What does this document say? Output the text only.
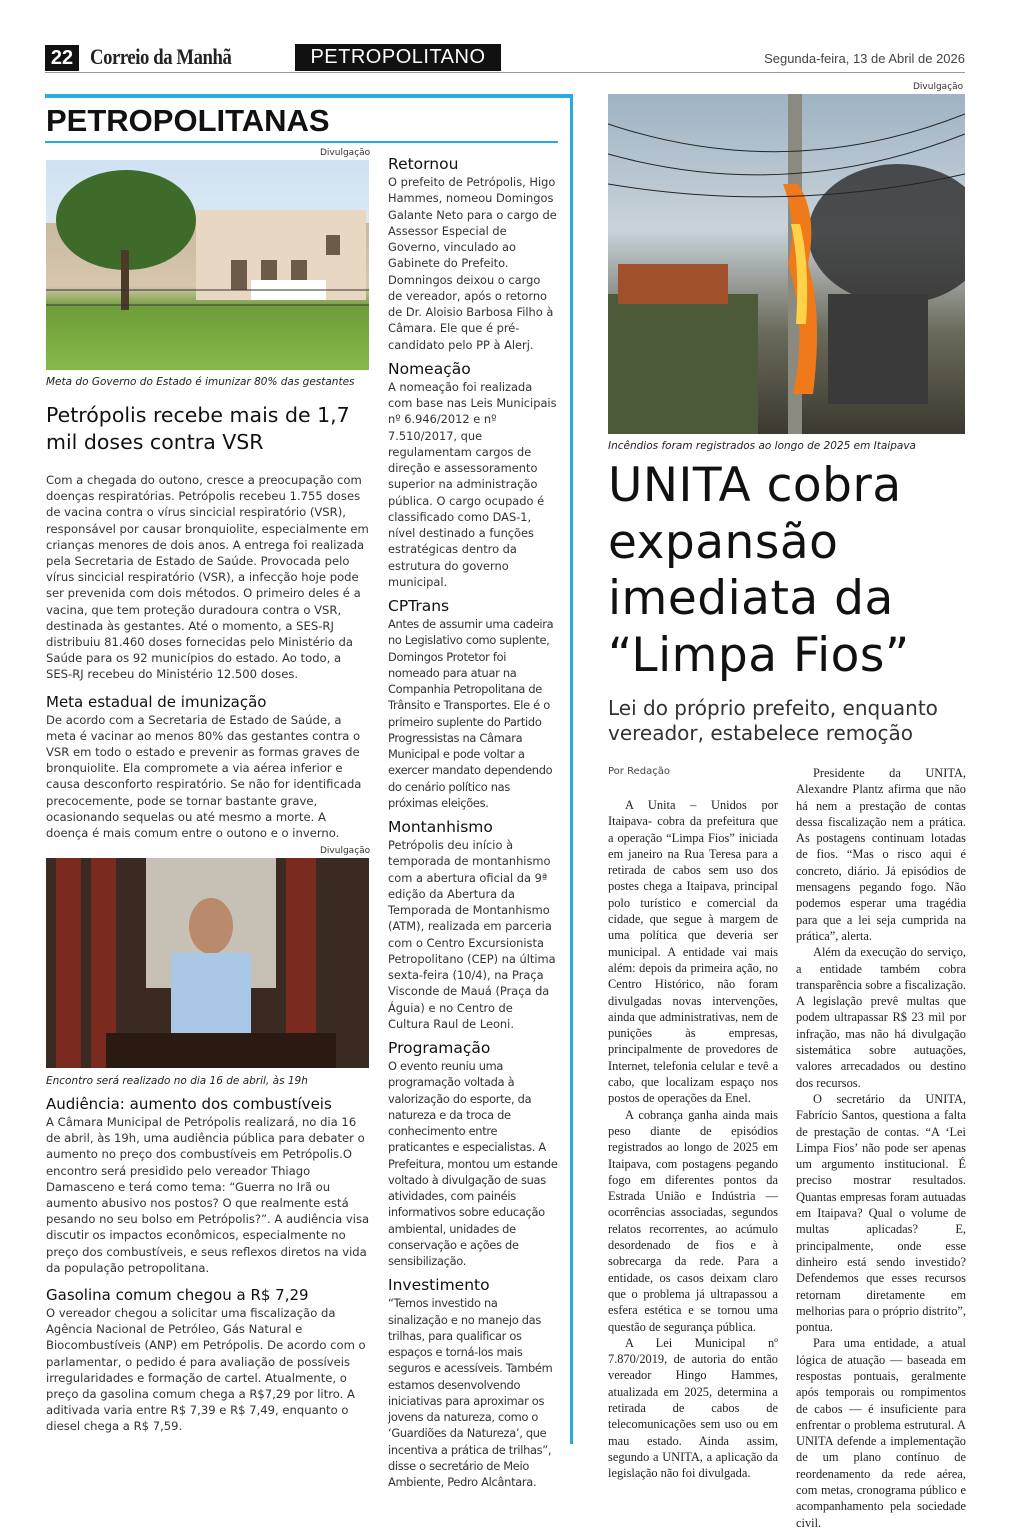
22 Correio da Manhã	PETROPOLITANO	Segunda-feira, 13 de Abril de 2026
PETROPOLITANAS
Divulgação
Meta do Governo do Estado é imunizar 80% das gestantes
Petrópolis recebe mais de 1,7 mil doses contra VSR

Com a chegada do outono, cresce a preocupação com doenças respiratórias. Petrópolis recebeu 1.755 doses de vacina contra o vírus sincicial respiratório (VSR), responsável por causar bronquiolite, especialmente em crianças menores de dois anos. A entrega foi realizada pela Secretaria de Estado de Saúde. Provocada pelo vírus sincicial respiratório (VSR), a infecção hoje pode ser prevenida com dois métodos. O primeiro deles é a vacina, que tem proteção duradoura contra o VSR, destinada às gestantes. Até o momento, a SES-RJ distribuiu 81.460 doses fornecidas pelo Ministério da Saúde para os 92 municípios do estado. Ao todo, a SES-RJ recebeu do Ministério 12.500 doses.

Meta estadual de imunização

De acordo com a Secretaria de Estado de Saúde, a meta é vacinar ao menos 80% das gestantes contra o VSR em todo o estado e prevenir as formas graves de bronquiolite. Ela compromete a via aérea inferior e causa desconforto respiratório. Se não for identificada precocemente, pode se tornar bastante grave, ocasionando sequelas ou até mesmo a morte. A doença é mais comum entre o outono e o inverno.

Divulgação
Encontro será realizado no dia 16 de abril, às 19h
Audiência: aumento dos combustíveis

A Câmara Municipal de Petrópolis realizará, no dia 16 de abril, às 19h, uma audiência pública para debater o aumento no preço dos combustíveis em Petrópolis.O encontro será presidido pelo vereador Thiago Damasceno e terá como tema: “Guerra no Irã ou aumento abusivo nos postos? O que realmente está pesando no seu bolso em Petrópolis?”. A audiência visa discutir os impactos econômicos, especialmente no preço dos combustíveis, e seus reflexos diretos na vida da população petropolitana.

Gasolina comum chegou a R$ 7,29

O vereador chegou a solicitar uma fiscalização da Agência Nacional de Petróleo, Gás Natural e Biocombustíveis (ANP) em Petrópolis. De acordo com o parlamentar, o pedido é para avaliação de possíveis irregularidades e formação de cartel. Atualmente, o preço da gasolina comum chega a R$7,29 por litro. A aditivada varia entre R$ 7,39 e R$ 7,49, enquanto o diesel chega a R$ 7,59.

Retornou

O prefeito de Petrópolis, Higo Hammes, nomeou Domingos Galante Neto para o cargo de Assessor Especial de Governo, vinculado ao Gabinete do Prefeito. Domningos deixou o cargo de vereador, após o retorno de Dr. Aloisio Barbosa Filho à Câmara. Ele que é pré-candidato pelo PP à Alerj.

Nomeação

A nomeação foi realizada com base nas Leis Municipais nº 6.946/2012 e nº 7.510/2017, que regulamentam cargos de direção e assessoramento superior na administração pública. O cargo ocupado é classificado como DAS-1, nível destinado a funções estratégicas dentro da estrutura do governo municipal.

CPTrans

Antes de assumir uma cadeira no Legislativo como suplente, Domingos Protetor foi nomeado para atuar na Companhia Petropolitana de Trânsito e Transportes. Ele é o primeiro suplente do Partido Progressistas na Câmara Municipal e pode voltar a exercer mandato dependendo do cenário político nas próximas eleições.

Montanhismo

Petrópolis deu início à temporada de montanhismo com a abertura oficial da 9ª edição da Abertura da Temporada de Montanhismo (ATM), realizada em parceria com o Centro Excursionista Petropolitano (CEP) na última sexta-feira (10/4), na Praça Visconde de Mauá (Praça da Águia) e no Centro de Cultura Raul de Leoni.

Programação

O evento reuniu uma programação voltada à valorização do esporte, da natureza e da troca de conhecimento entre praticantes e especialistas. A Prefeitura, montou um estande voltado à divulgação de suas atividades, com painéis informativos sobre educação ambiental, unidades de conservação e ações de sensibilização.

Investimento

“Temos investido na sinalização e no manejo das trilhas, para qualificar os espaços e torná-los mais seguros e acessíveis. Também estamos desenvolvendo iniciativas para aproximar os jovens da natureza, como o ‘Guardiões da Natureza’, que incentiva a prática de trilhas”, disse o secretário de Meio Ambiente, Pedro Alcântara.

Divulgação
Incêndios foram registrados ao longo de 2025 em Itaipava
UNITA cobra expansão imediata da “Limpa Fios”
Lei do próprio prefeito, enquanto vereador, estabelece remoção
Por Redação

A Unita – Unidos por Itaipava- cobra da prefeitura que a operação “Limpa Fios” iniciada em janeiro na Rua Teresa para a retirada de cabos sem uso dos postes chega a Itaipava, principal polo turístico e comercial da cidade, que segue à margem de uma política que deveria ser municipal. A entidade vai mais além: depois da primeira ação, no Centro Histórico, não foram divulgadas novas intervenções, ainda que administrativas, nem de punições às empresas, principalmente de provedores de Internet, telefonia celular e tevê a cabo, que localizam espaço nos postos de operações da Enel.

A cobrança ganha ainda mais peso diante de episódios registrados ao longo de 2025 em Itaipava, com postagens pegando fogo em diferentes pontos da Estrada União e Indústria — ocorrências associadas, segundos relatos recorrentes, ao acúmulo desordenado de fios e à sobrecarga da rede. Para a entidade, os casos deixam claro que o problema já ultrapassou a esfera estética e se tornou uma questão de segurança pública.

A Lei Municipal nº 7.870/2019, de autoria do então vereador Hingo Hammes, atualizada em 2025, determina a retirada de cabos de telecomunicações sem uso ou em mau estado. Ainda assim, segundo a UNITA, a aplicação da legislação não foi divulgada.

Presidente da UNITA, Alexandre Plantz afirma que não há nem a prestação de contas dessa fiscalização nem a prática. As postagens continuam lotadas de fios. “Mas o risco aqui é concreto, diário. Já episódios de mensagens pegando fogo. Não podemos esperar uma tragédia para que a lei seja cumprida na prática”, alerta.

Além da execução do serviço, a entidade também cobra transparência sobre a fiscalização. A legislação prevê multas que podem ultrapassar R$ 23 mil por infração, mas não há divulgação sistemática sobre autuações, valores arrecadados ou destino dos recursos.

O secretário da UNITA, Fabrício Santos, questiona a falta de prestação de contas. “A ‘Lei Limpa Fios’ não pode ser apenas um argumento institucional. É preciso mostrar resultados. Quantas empresas foram autuadas em Itaipava? Qual o volume de multas aplicadas? E, principalmente, onde esse dinheiro está sendo investido? Defendemos que esses recursos retornam diretamente em melhorias para o próprio distrito”, pontua.

Para uma entidade, a atual lógica de atuação — baseada em respostas pontuais, geralmente após temporais ou rompimentos de cabos — é insuficiente para enfrentar o problema estrutural. A UNITA defende a implementação de um plano contínuo de reordenamento da rede aérea, com metas, cronograma público e acompanhamento pela sociedade civil.
